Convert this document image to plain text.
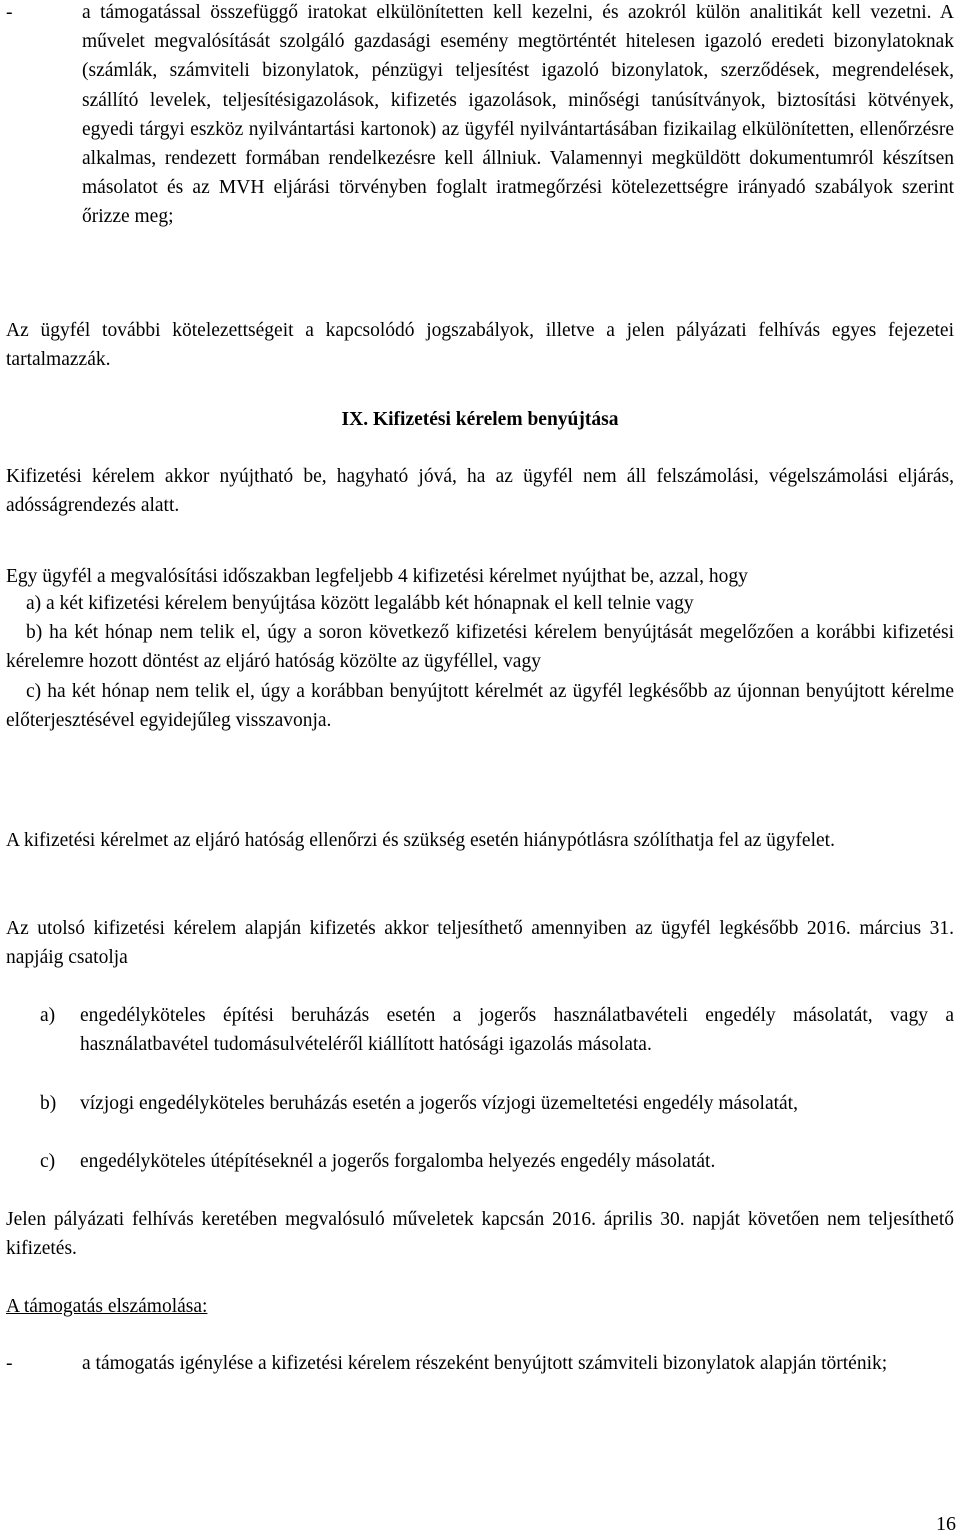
-	a támogatással összefüggő iratokat elkülönítetten kell kezelni, és azokról külön analitikát kell vezetni. A művelet megvalósítását szolgáló gazdasági esemény megtörténtét hitelesen igazoló eredeti bizonylatoknak (számlák, számviteli bizonylatok, pénzügyi teljesítést igazoló bizonylatok, szerződések, megrendelések, szállító levelek, teljesítésigazolások, kifizetés igazolások, minőségi tanúsítványok, biztosítási kötvények, egyedi tárgyi eszköz nyilvántartási kartonok) az ügyfél nyilvántartásában fizikailag elkülönítetten, ellenőrzésre alkalmas, rendezett formában rendelkezésre kell állniuk. Valamennyi megküldött dokumentumról készítsen másolatot és az MVH eljárási törvényben foglalt iratmegőrzési kötelezettségre irányadó szabályok szerint őrizze meg;
Az ügyfél további kötelezettségeit a kapcsolódó jogszabályok, illetve a jelen pályázati felhívás egyes fejezetei tartalmazzák.
IX. Kifizetési kérelem benyújtása
Kifizetési kérelem akkor nyújtható be, hagyható jóvá, ha az ügyfél nem áll felszámolási, végelszámolási eljárás, adósságrendezés alatt.
Egy ügyfél a megvalósítási időszakban legfeljebb 4 kifizetési kérelmet nyújthat be, azzal, hogy
a) a két kifizetési kérelem benyújtása között legalább két hónapnak el kell telnie vagy
b) ha két hónap nem telik el, úgy a soron következő kifizetési kérelem benyújtását megelőzően a korábbi kifizetési kérelemre hozott döntést az eljáró hatóság közölte az ügyféllel, vagy
c) ha két hónap nem telik el, úgy a korábban benyújtott kérelmét az ügyfél legkésőbb az újonnan benyújtott kérelme előterjesztésével egyidejűleg visszavonja.
A kifizetési kérelmet az eljáró hatóság ellenőrzi és szükség esetén hiánypótlásra szólíthatja fel az ügyfelet.
Az utolsó kifizetési kérelem alapján kifizetés akkor teljesíthető amennyiben az ügyfél legkésőbb 2016. március 31. napjáig csatolja
a) engedélyköteles építési beruházás esetén a jogerős használatbavételi engedély másolatát, vagy a használatbavétel tudomásulvételéről kiállított hatósági igazolás másolata.
b) vízjogi engedélyköteles beruházás esetén a jogerős vízjogi üzemeltetési engedély másolatát,
c) engedélyköteles útépítéseknél a jogerős forgalomba helyezés engedély másolatát.
Jelen pályázati felhívás keretében megvalósuló műveletek kapcsán 2016. április 30. napját követően nem teljesíthető kifizetés.
A támogatás elszámolása:
-	a támogatás igénylése a kifizetési kérelem részeként benyújtott számviteli bizonylatok alapján történik;
16
